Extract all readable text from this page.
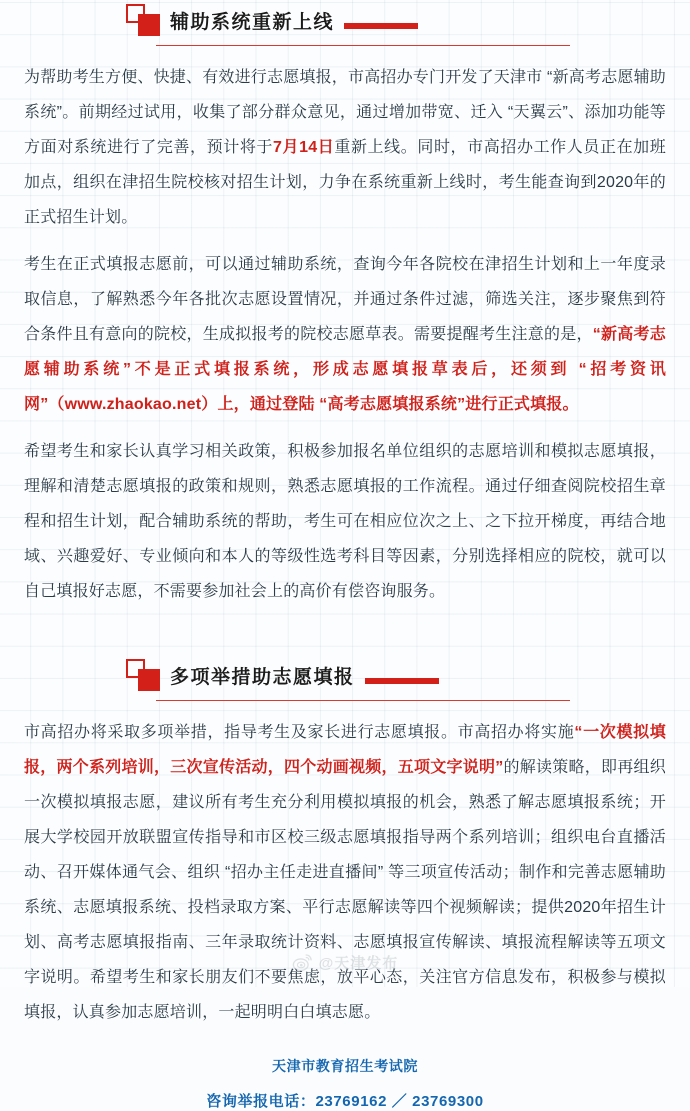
辅助系统重新上线

为帮助考生方便、快捷、有效进行志愿填报，市高招办专门开发了天津市 “新高考志愿辅助系统”。前期经过试用，收集了部分群众意见，通过增加带宽、迁入 “天翼云”、添加功能等方面对系统进行了完善，预计将于7月14日重新上线。同时，市高招办工作人员正在加班加点，组织在津招生院校核对招生计划，力争在系统重新上线时，考生能查询到2020年的正式招生计划。

考生在正式填报志愿前，可以通过辅助系统，查询今年各院校在津招生计划和上一年度录取信息，了解熟悉今年各批次志愿设置情况，并通过条件过滤，筛选关注，逐步聚焦到符合条件且有意向的院校，生成拟报考的院校志愿草表。需要提醒考生注意的是，“新高考志愿辅助系统”不是正式填报系统，形成志愿填报草表后，还须到 “招考资讯网”（www.zhaokao.net）上，通过登陆 “高考志愿填报系统”进行正式填报。

希望考生和家长认真学习相关政策，积极参加报名单位组织的志愿培训和模拟志愿填报，理解和清楚志愿填报的政策和规则，熟悉志愿填报的工作流程。通过仔细查阅院校招生章程和招生计划，配合辅助系统的帮助，考生可在相应位次之上、之下拉开梯度，再结合地域、兴趣爱好、专业倾向和本人的等级性选考科目等因素，分别选择相应的院校，就可以自己填报好志愿，不需要参加社会上的高价有偿咨询服务。

多项举措助志愿填报

市高招办将采取多项举措，指导考生及家长进行志愿填报。市高招办将实施“一次模拟填报，两个系列培训，三次宣传活动，四个动画视频，五项文字说明”的解读策略，即再组织一次模拟填报志愿，建议所有考生充分利用模拟填报的机会，熟悉了解志愿填报系统；开展大学校园开放联盟宣传指导和市区校三级志愿填报指导两个系列培训；组织电台直播活动、召开媒体通气会、组织 “招办主任走进直播间” 等三项宣传活动；制作和完善志愿辅助系统、志愿填报系统、投档录取方案、平行志愿解读等四个视频解读；提供2020年招生计划、高考志愿填报指南、三年录取统计资料、志愿填报宣传解读、填报流程解读等五项文字说明。希望考生和家长朋友们不要焦虑，放平心态，关注官方信息发布，积极参与模拟填报，认真参加志愿培训，一起明明白白填志愿。

天津市教育招生考试院
咨询举报电话：23769162 ／ 23769300
@天津发布
